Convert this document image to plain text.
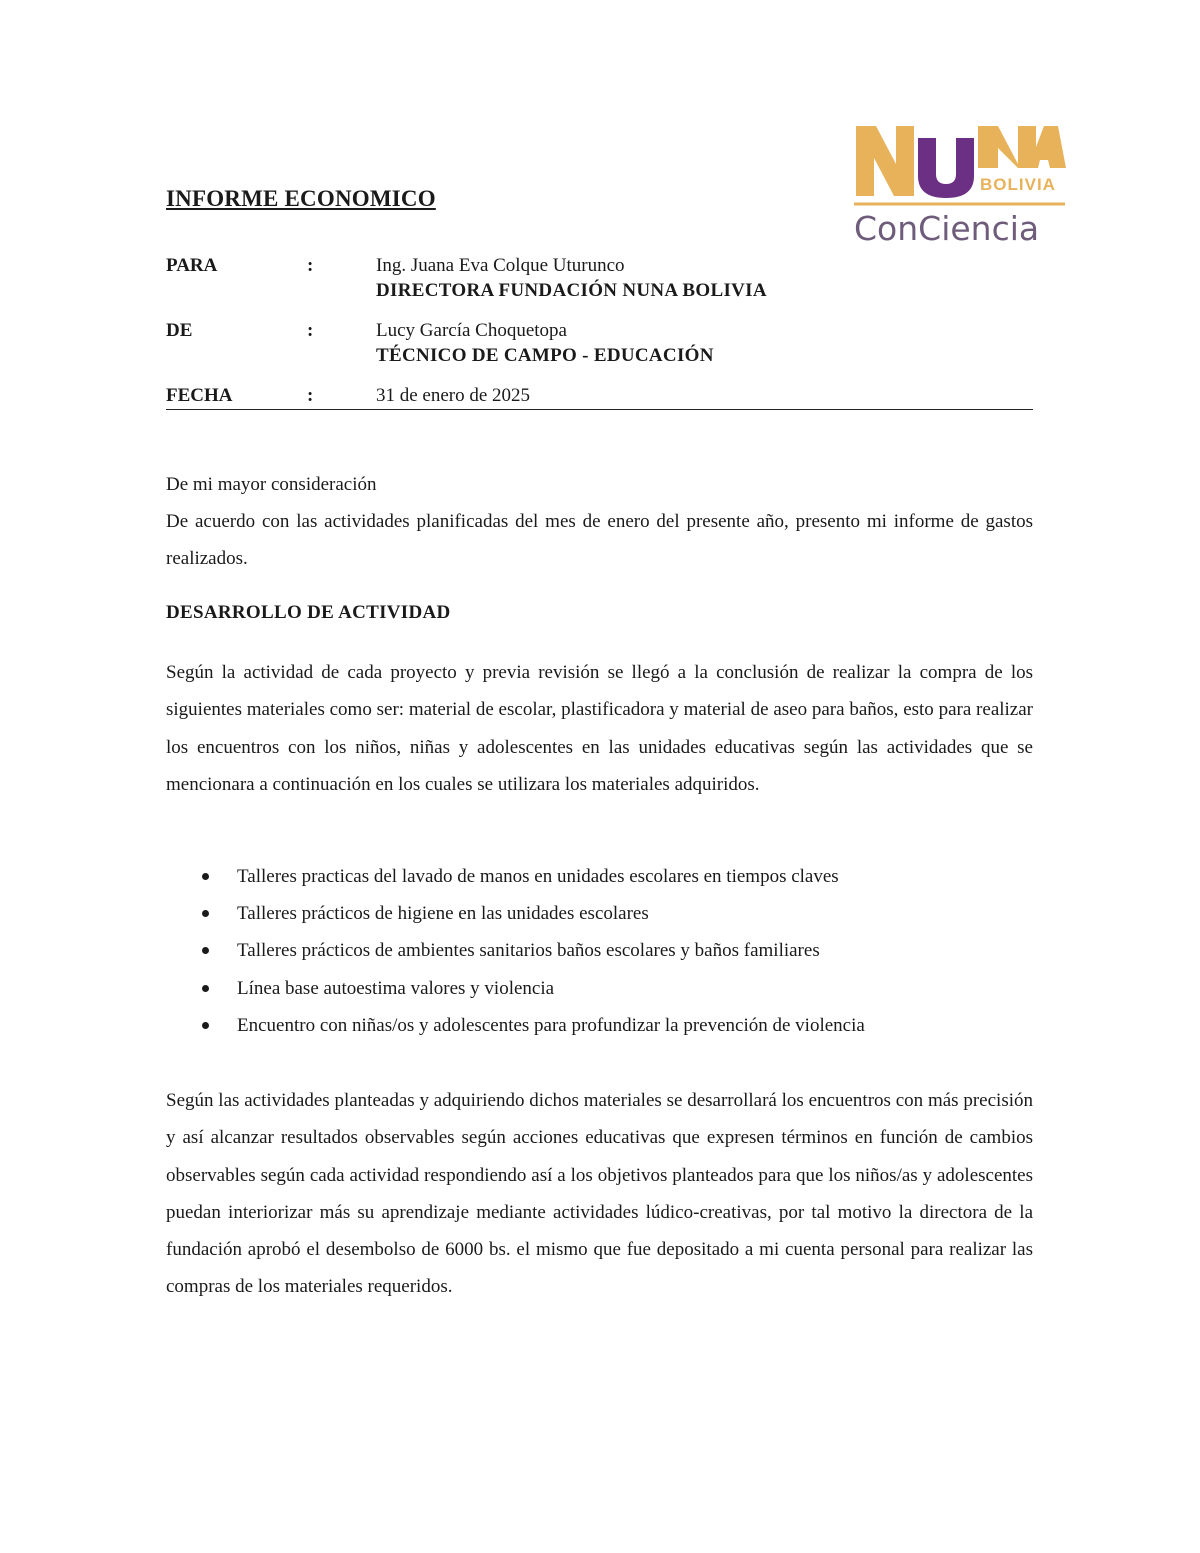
BOLIVIA
ConCiencia
INFORME ECONOMICO
PARA	:	Ing. Juana Eva Colque Uturunco
DIRECTORA FUNDACIÓN NUNA BOLIVIA
DE	:	Lucy García Choquetopa
TÉCNICO DE CAMPO - EDUCACIÓN
FECHA	:	31 de enero de 2025
De mi mayor consideración
De acuerdo con las actividades planificadas del mes de enero del presente año, presento mi informe de gastos realizados.
DESARROLLO DE ACTIVIDAD
Según la actividad de cada proyecto y previa revisión se llegó a la conclusión de realizar la compra de los siguientes materiales como ser: material de escolar, plastificadora y material de aseo para baños, esto para realizar los encuentros con los niños, niñas y adolescentes en las unidades educativas según las actividades que se mencionara a continuación en los cuales se utilizara los materiales adquiridos.
Talleres practicas del lavado de manos en unidades escolares en tiempos claves
Talleres prácticos de higiene en las unidades escolares
Talleres prácticos de ambientes sanitarios baños escolares y baños familiares
Línea base autoestima valores y violencia
Encuentro con niñas/os y adolescentes para profundizar la prevención de violencia
Según las actividades planteadas y adquiriendo dichos materiales se desarrollará los encuentros con más precisión y así alcanzar resultados observables según acciones educativas que expresen términos en función de cambios observables según cada actividad respondiendo así a los objetivos planteados para que los niños/as y adolescentes puedan interiorizar más su aprendizaje mediante actividades lúdico-creativas, por tal motivo la directora de la fundación aprobó el desembolso de 6000 bs. el mismo que fue depositado a mi cuenta personal para realizar las compras de los materiales requeridos.
